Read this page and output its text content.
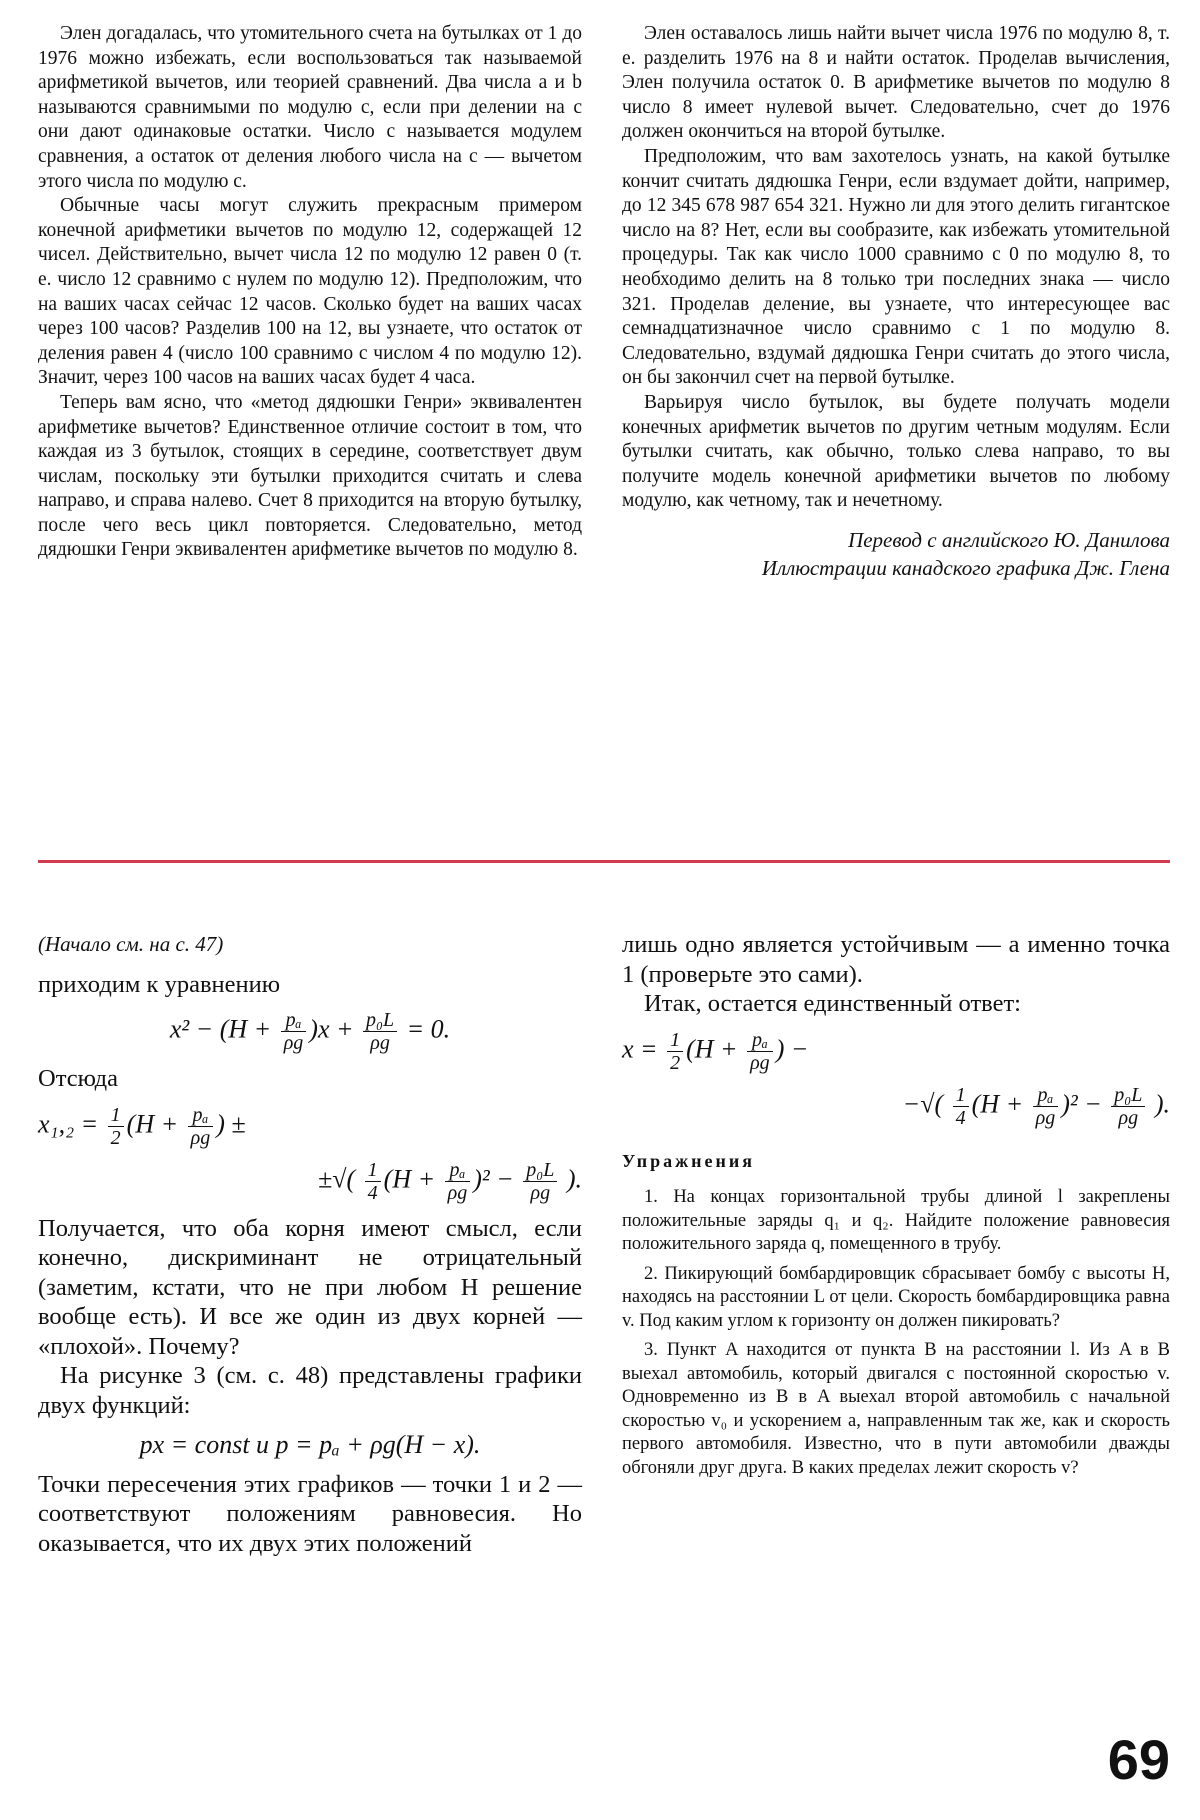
Элен догадалась, что утомительного счета на бутылках от 1 до 1976 можно избежать, если воспользоваться так называемой арифметикой вычетов, или теорией сравнений. Два числа a и b называются сравнимыми по модулю c, если при делении на c они дают одинаковые остатки. Число c называется модулем сравнения, а остаток от деления любого числа на c — вычетом этого числа по модулю c.

Обычные часы могут служить прекрасным примером конечной арифметики вычетов по модулю 12, содержащей 12 чисел. Действительно, вычет числа 12 по модулю 12 равен 0 (т. е. число 12 сравнимо с нулем по модулю 12). Предположим, что на ваших часах сейчас 12 часов. Сколько будет на ваших часах через 100 часов? Разделив 100 на 12, вы узнаете, что остаток от деления равен 4 (число 100 сравнимо с числом 4 по модулю 12). Значит, через 100 часов на ваших часах будет 4 часа.

Теперь вам ясно, что «метод дядюшки Генри» эквивалентен арифметике вычетов? Единственное отличие состоит в том, что каждая из 3 бутылок, стоящих в середине, соответствует двум числам, поскольку эти бутылки приходится считать и слева направо, и справа налево. Счет 8 приходится на вторую бутылку, после чего весь цикл повторяется. Следовательно, метод дядюшки Генри эквивалентен арифметике вычетов по модулю 8.

Элен оставалось лишь найти вычет числа 1976 по модулю 8, т. е. разделить 1976 на 8 и найти остаток. Проделав вычисления, Элен получила остаток 0. В арифметике вычетов по модулю 8 число 8 имеет нулевой вычет. Следовательно, счет до 1976 должен окончиться на второй бутылке.

Предположим, что вам захотелось узнать, на какой бутылке кончит считать дядюшка Генри, если вздумает дойти, например, до 12 345 678 987 654 321. Нужно ли для этого делить гигантское число на 8? Нет, если вы сообразите, как избежать утомительной процедуры. Так как число 1000 сравнимо с 0 по модулю 8, то необходимо делить на 8 только три последних знака — число 321. Проделав деление, вы узнаете, что интересующее вас семнадцатизначное число сравнимо с 1 по модулю 8. Следовательно, вздумай дядюшка Генри считать до этого числа, он бы закончил счет на первой бутылке.

Варьируя число бутылок, вы будете получать модели конечных арифметик вычетов по другим четным модулям. Если бутылки считать, как обычно, только слева направо, то вы получите модель конечной арифметики вычетов по любому модулю, как четному, так и нечетному.

Перевод с английского Ю. Данилова
Иллюстрации канадского графика Дж. Глена
(Начало см. на с. 47)

приходим к уравнению

$x^2 - (H + \frac{\text{pₐ}}{\rho g} )x + \frac{\text{p₀L}}{\rho g} = 0$.

Отсюда

$x_1,_2 = \frac{1}{2} (H + \frac{\text{pₐ}}{\rho g}$ ) ±
±√( $\frac{1}{4} (H + \frac{\text{pₐ}}{\rho g} )^2 - \frac{\text{p₀L}}{\rho g}$ ).

Получается, что оба корня имеют смысл, если конечно, дискриминант не отрицательный (заметим, кстати, что не при любом H решение вообще есть). И все же один из двух корней — «плохой». Почему?

На рисунке 3 (см. с. 48) представлены графики двух функций:

px = const и p = pₐ + ρg(H − x).

Точки пересечения этих графиков — точки 1 и 2 — соответствуют положениям равновесия. Но оказывается, что их двух этих положений

лишь одно является устойчивым — а именно точка 1 (проверьте это сами).

Итак, остается единственный ответ:

$x = \frac{1}{2} (H + \frac{\text{pₐ}}{\rho g}$ ) −
−√( $\frac{1}{4} (H + \frac{\text{pₐ}}{\rho g} )^2 - \frac{\text{p₀L}}{\rho g}$ ).
Упражнения

1. На концах горизонтальной трубы длиной l закреплены положительные заряды q₁ и q₂. Найдите положение равновесия положительного заряда q, помещенного в трубу.

2. Пикирующий бомбардировщик сбрасывает бомбу с высоты H, находясь на расстоянии L от цели. Скорость бомбардировщика равна v. Под каким углом к горизонту он должен пикировать?

3. Пункт A находится от пункта B на расстоянии l. Из A в B выехал автомобиль, который двигался с постоянной скоростью v. Одновременно из B в A выехал второй автомобиль с начальной скоростью v₀ и ускорением a, направленным так же, как и скорость первого автомобиля. Известно, что в пути автомобили дважды обгоняли друг друга. В каких пределах лежит скорость v?

69
